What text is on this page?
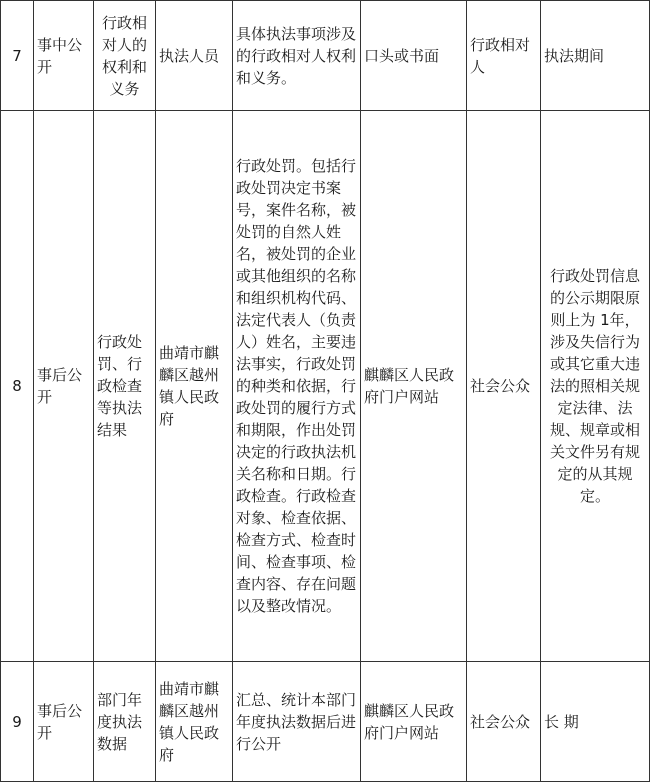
7	事中公开	行政相对人的权利和义务	执法人员	具体执法事项涉及的行政相对人权利和义务。	口头或书面	行政相对人	执法期间

8	事后公开	行政处罚、行政检查等执法结果	曲靖市麒麟区越州镇人民政府	行政处罚。包括行政处罚决定书案号，案件名称，被处罚的自然人姓名，被处罚的企业或其他组织的名称和组织机构代码、法定代表人（负责人）姓名，主要违法事实，行政处罚的种类和依据，行政处罚的履行方式和期限，作出处罚决定的行政执法机关名称和日期。行政检查。行政检查对象、检查依据、检查方式、检查时间、检查事项、检查内容、存在问题以及整改情况。	麒麟区人民政府门户网站	社会公众	行政处罚信息的公示期限原则上为 1年，涉及失信行为或其它重大违法的照相关规定法律、法规、规章或相关文件另有规定的从其规定。

9	事后公开	部门年度执法数据	曲靖市麒麟区越州镇人民政府	汇总、统计本部门年度执法数据后进行公开	麒麟区人民政府门户网站	社会公众	长 期
